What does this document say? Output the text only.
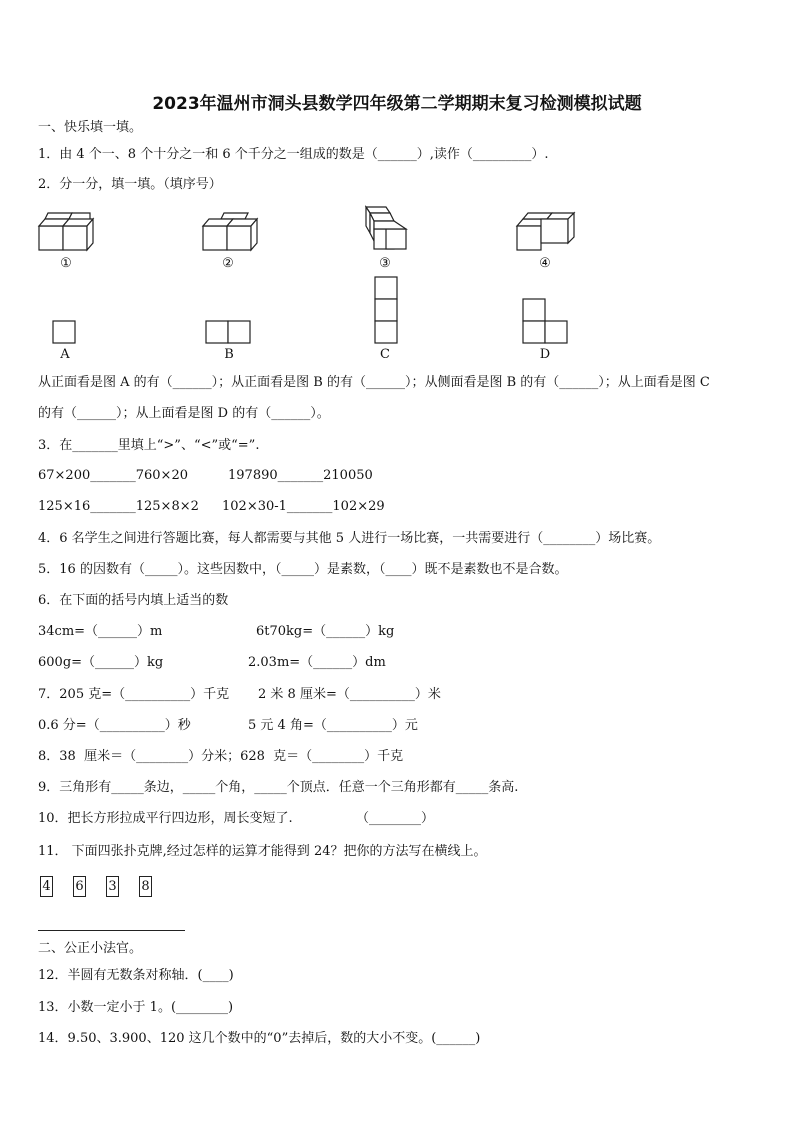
2023年温州市洞头县数学四年级第二学期期末复习检测模拟试题
一、快乐填一填。
1．由 4 个一、8 个十分之一和 6 个千分之一组成的数是（______）,读作（_________）.
2．分一分，填一填。（填序号）
①	②	③	④
A	B	C	D
从正面看是图 A 的有（______）；从正面看是图 B 的有（______）；从侧面看是图 B 的有（______）；从上面看是图 C
的有（______）；从上面看是图 D 的有（______）。
3．在_______里填上“>”、“<”或“=”.
67×200_______760×20	197890_______210050
125×16_______125×8×2 102×30-1_______102×29
4．6 名学生之间进行答题比赛，每人都需要与其他 5 人进行一场比赛，一共需要进行（________）场比赛。
5．16 的因数有（_____）。这些因数中，（_____）是素数，（____）既不是素数也不是合数。
6．在下面的括号内填上适当的数
34cm=（______）m	6t70kg=（______）kg
600g=（______）kg	2.03m=（______）dm
7．205 克=（__________）千克 2 米 8 厘米=（__________）米
0.6 分=（__________）秒	5 元 4 角=（__________）元
8．38  厘米＝（________）分米；628  克＝（________）千克
9．三角形有_____条边，_____个角，_____个顶点．任意一个三角形都有_____条高.
10．把长方形拉成平行四边形，周长变短了.	（________）
11． 下面四张扑克牌,经过怎样的运算才能得到 24？把你的方法写在横线上。
4 6 3 8
二、公正小法官。
12．半圆有无数条对称轴．(____)
13．小数一定小于 1。(________)
14．9.50、3.900、120 这几个数中的“0”去掉后，数的大小不变。(______)
